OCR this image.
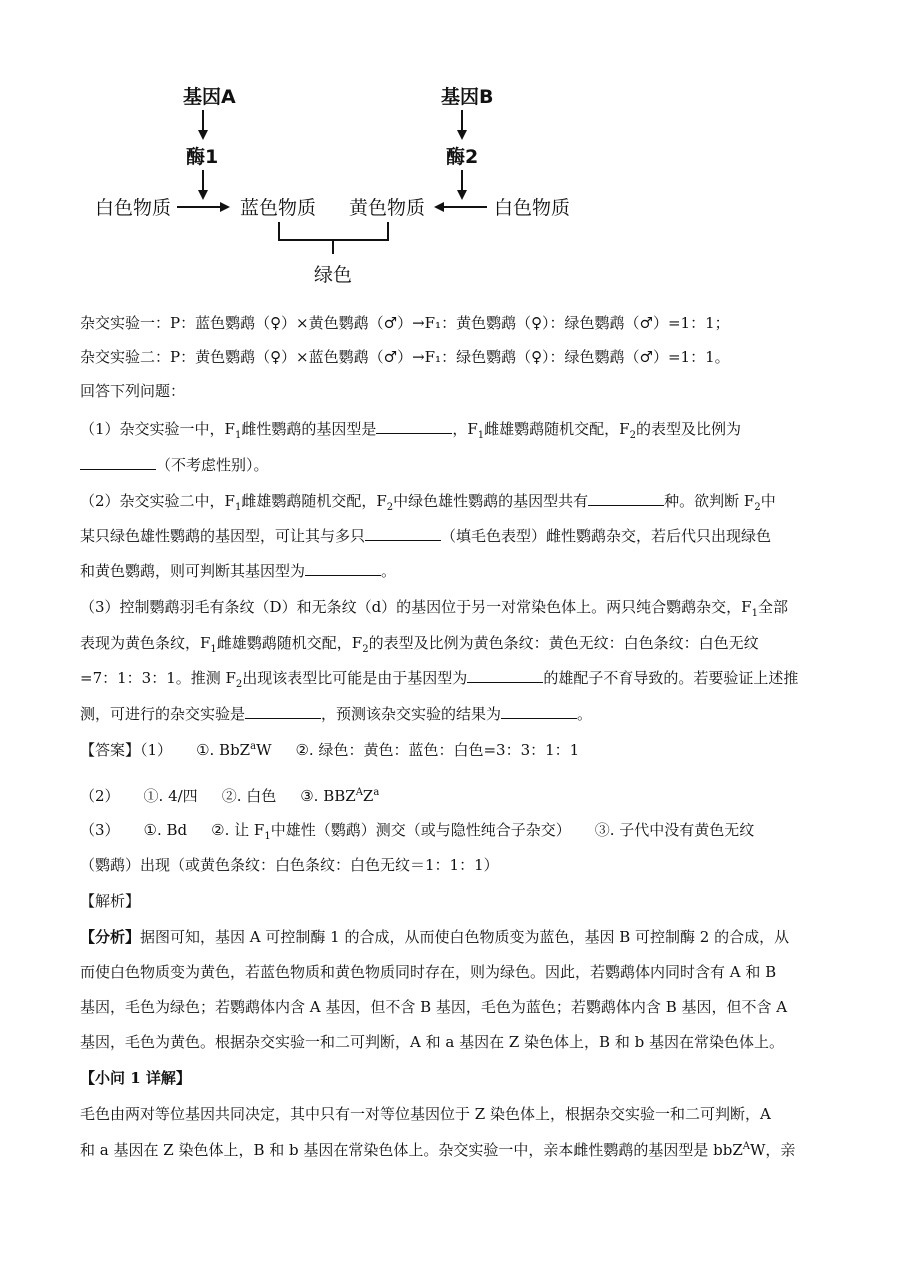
基因A
酶1
基因B
酶2
白色物质	蓝色物质 黄色物质	白色物质
绿色
杂交实验一：P：蓝色鹦鹉（♀）×黄色鹦鹉（♂）→F₁：黄色鹦鹉（♀）：绿色鹦鹉（♂）=1：1；
杂交实验二：P：黄色鹦鹉（♀）×蓝色鹦鹉（♂）→F₁：绿色鹦鹉（♀）：绿色鹦鹉（♂）=1：1。
回答下列问题：
（1）杂交实验一中，$F_1$雌性鹦鹉的基因型是	，$F_1$雌雄鹦鹉随机交配，$F_2$的表型及比例为
（不考虑性别）。
（2）杂交实验二中，$F_1$雌雄鹦鹉随机交配，$F_2$中绿色雄性鹦鹉的基因型共有	种。欲判断 $F_2$中
某只绿色雄性鹦鹉的基因型，可让其与多只	（填毛色表型）雌性鹦鹉杂交，若后代只出现绿色
和黄色鹦鹉，则可判断其基因型为	。
（3）控制鹦鹉羽毛有条纹（D）和无条纹（d）的基因位于另一对常染色体上。两只纯合鹦鹉杂交，$F_1$全部
表现为黄色条纹，$F_1$雌雄鹦鹉随机交配，$F_2$的表型及比例为黄色条纹：黄色无纹：白色条纹：白色无纹
=7：1：3：1。推测 $F_2$出现该表型比可能是由于基因型为	的雄配子不育导致的。若要验证上述推
测，可进行的杂交实验是	，预测该杂交实验的结果为	。
【答案】（1） ①. BbZ$^a$W ②. 绿色：黄色：蓝色：白色=3：3：1：1
（2） ①. 4/四 ②. 白色 ③. $BBZ^AZ^a$
（3） ①. Bd ②. 让 $F_1$中雄性（鹦鹉）测交（或与隐性纯合子杂交） ③. 子代中没有黄色无纹
（鹦鹉）出现（或黄色条纹：白色条纹：白色无纹＝1：1：1）
【解析】
【分析】据图可知，基因 A 可控制酶 1 的合成，从而使白色物质变为蓝色，基因 B 可控制酶 2 的合成，从
而使白色物质变为黄色，若蓝色物质和黄色物质同时存在，则为绿色。因此，若鹦鹉体内同时含有 A 和 B
基因，毛色为绿色；若鹦鹉体内含 A 基因，但不含 B 基因，毛色为蓝色；若鹦鹉体内含 B 基因，但不含 A
基因，毛色为黄色。根据杂交实验一和二可判断，A 和 a 基因在 Z 染色体上，B 和 b 基因在常染色体上。
【小问 1 详解】
毛色由两对等位基因共同决定，其中只有一对等位基因位于 Z 染色体上，根据杂交实验一和二可判断，A
和 a 基因在 Z 染色体上，B 和 b 基因在常染色体上。杂交实验一中，亲本雌性鹦鹉的基因型是 bbZ$^A$W，亲
